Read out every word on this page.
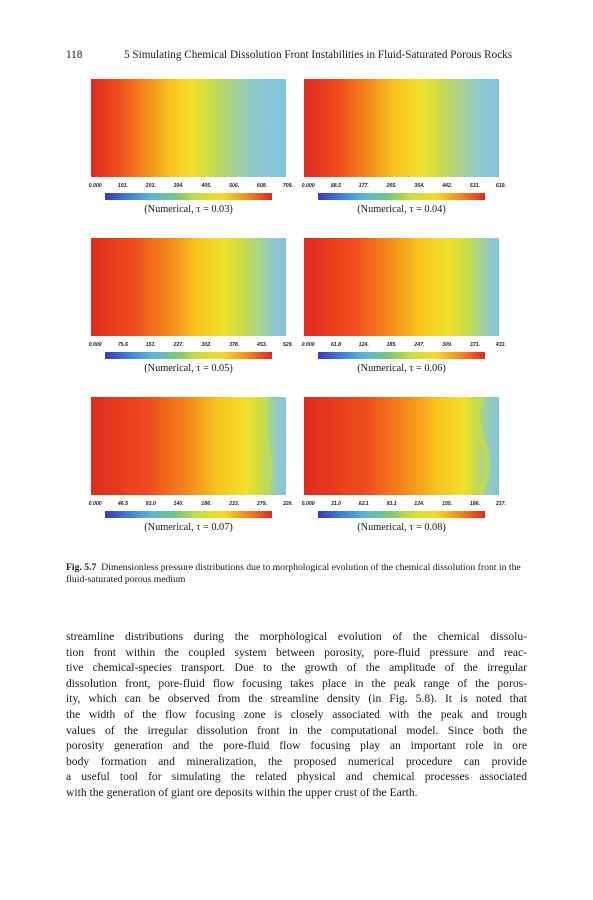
118	5 Simulating Chemical Dissolution Front Instabilities in Fluid-Saturated Porous Rocks
0.000	101.	203.	304.	405.	506.	608.	709.
(Numerical, τ = 0.03)
0.000	88.5	177.	265.	354.	442.	531.	619.
(Numerical, τ = 0.04)
0.000	75.6	151.	227.	302.	378.	453.	529.
(Numerical, τ = 0.05)
0.000	61.8	124.	185.	247.	309.	371.	433.
(Numerical, τ = 0.06)
0.000	46.5	93.0	140.	186.	233.	279.	326.
(Numerical, τ = 0.07)
0.000	31.0	62.1	93.1	124.	155.	186.	217.
(Numerical, τ = 0.08)
Fig. 5.7 Dimensionless pressure distributions due to morphological evolution of the chemical dissolution front in the fluid-saturated porous medium
streamline distributions during the morphological evolution of the chemical dissolu-
tion front within the coupled system between porosity, pore-fluid pressure and reac-
tive chemical-species transport. Due to the growth of the amplitude of the irregular
dissolution front, pore-fluid flow focusing takes place in the peak range of the poros-
ity, which can be observed from the streamline density (in Fig. 5.8). It is noted that
the width of the flow focusing zone is closely associated with the peak and trough
values of the irregular dissolution front in the computational model. Since both the
porosity generation and the pore-fluid flow focusing play an important role in ore
body formation and mineralization, the proposed numerical procedure can provide
a useful tool for simulating the related physical and chemical processes associated
with the generation of giant ore deposits within the upper crust of the Earth.
